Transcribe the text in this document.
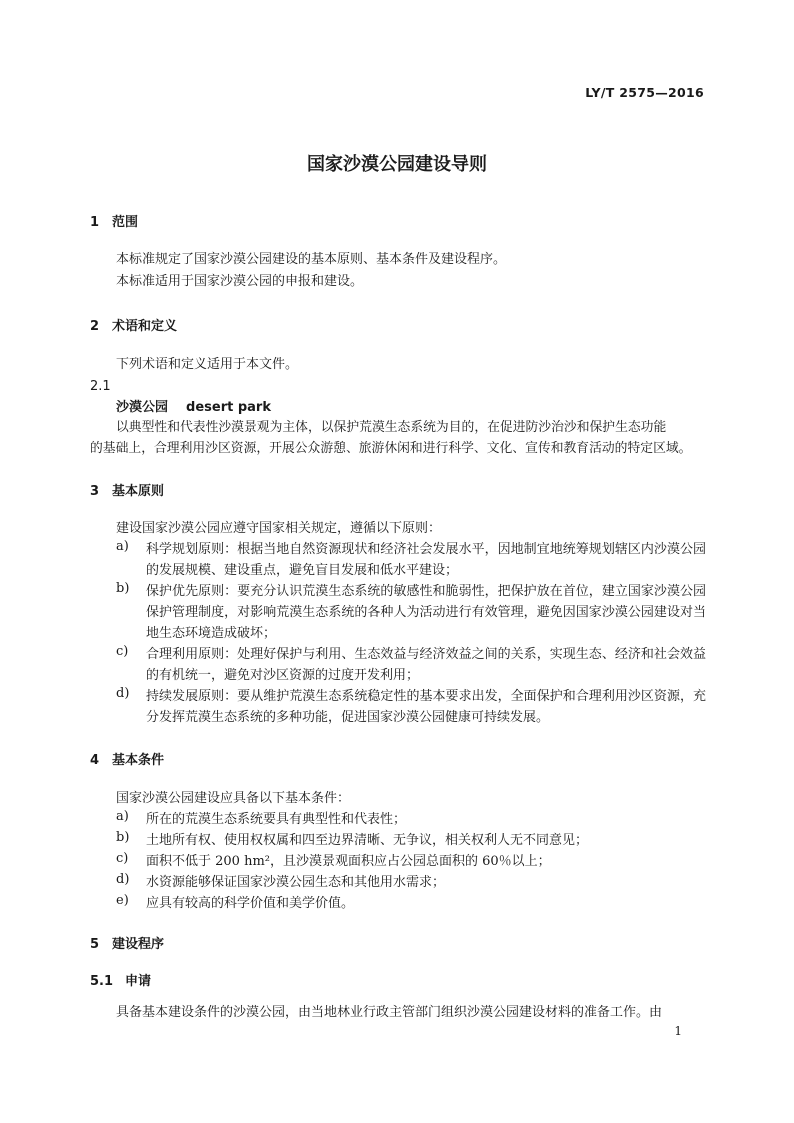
LY/T 2575—2016
国家沙漠公园建设导则
1 范围
本标准规定了国家沙漠公园建设的基本原则、基本条件及建设程序。
本标准适用于国家沙漠公园的申报和建设。
2 术语和定义
下列术语和定义适用于本文件。
2.1
沙漠公园 desert park
以典型性和代表性沙漠景观为主体，以保护荒漠生态系统为目的，在促进防沙治沙和保护生态功能
的基础上，合理利用沙区资源，开展公众游憩、旅游休闲和进行科学、文化、宣传和教育活动的特定区域。
3 基本原则
建设国家沙漠公园应遵守国家相关规定，遵循以下原则：
a) 科学规划原则：根据当地自然资源现状和经济社会发展水平，因地制宜地统筹规划辖区内沙漠公园的发展规模、建设重点，避免盲目发展和低水平建设；
b) 保护优先原则：要充分认识荒漠生态系统的敏感性和脆弱性，把保护放在首位，建立国家沙漠公园保护管理制度，对影响荒漠生态系统的各种人为活动进行有效管理，避免因国家沙漠公园建设对当地生态环境造成破坏；
c) 合理利用原则：处理好保护与利用、生态效益与经济效益之间的关系，实现生态、经济和社会效益的有机统一，避免对沙区资源的过度开发利用；
d) 持续发展原则：要从维护荒漠生态系统稳定性的基本要求出发，全面保护和合理利用沙区资源，充分发挥荒漠生态系统的多种功能，促进国家沙漠公园健康可持续发展。
4 基本条件
国家沙漠公园建设应具备以下基本条件：
a) 所在的荒漠生态系统要具有典型性和代表性；
b) 土地所有权、使用权权属和四至边界清晰、无争议，相关权利人无不同意见；
c) 面积不低于 200 hm²，且沙漠景观面积应占公园总面积的 60％以上；
d) 水资源能够保证国家沙漠公园生态和其他用水需求；
e) 应具有较高的科学价值和美学价值。
5 建设程序
5.1 申请
具备基本建设条件的沙漠公园，由当地林业行政主管部门组织沙漠公园建设材料的准备工作。由
1
